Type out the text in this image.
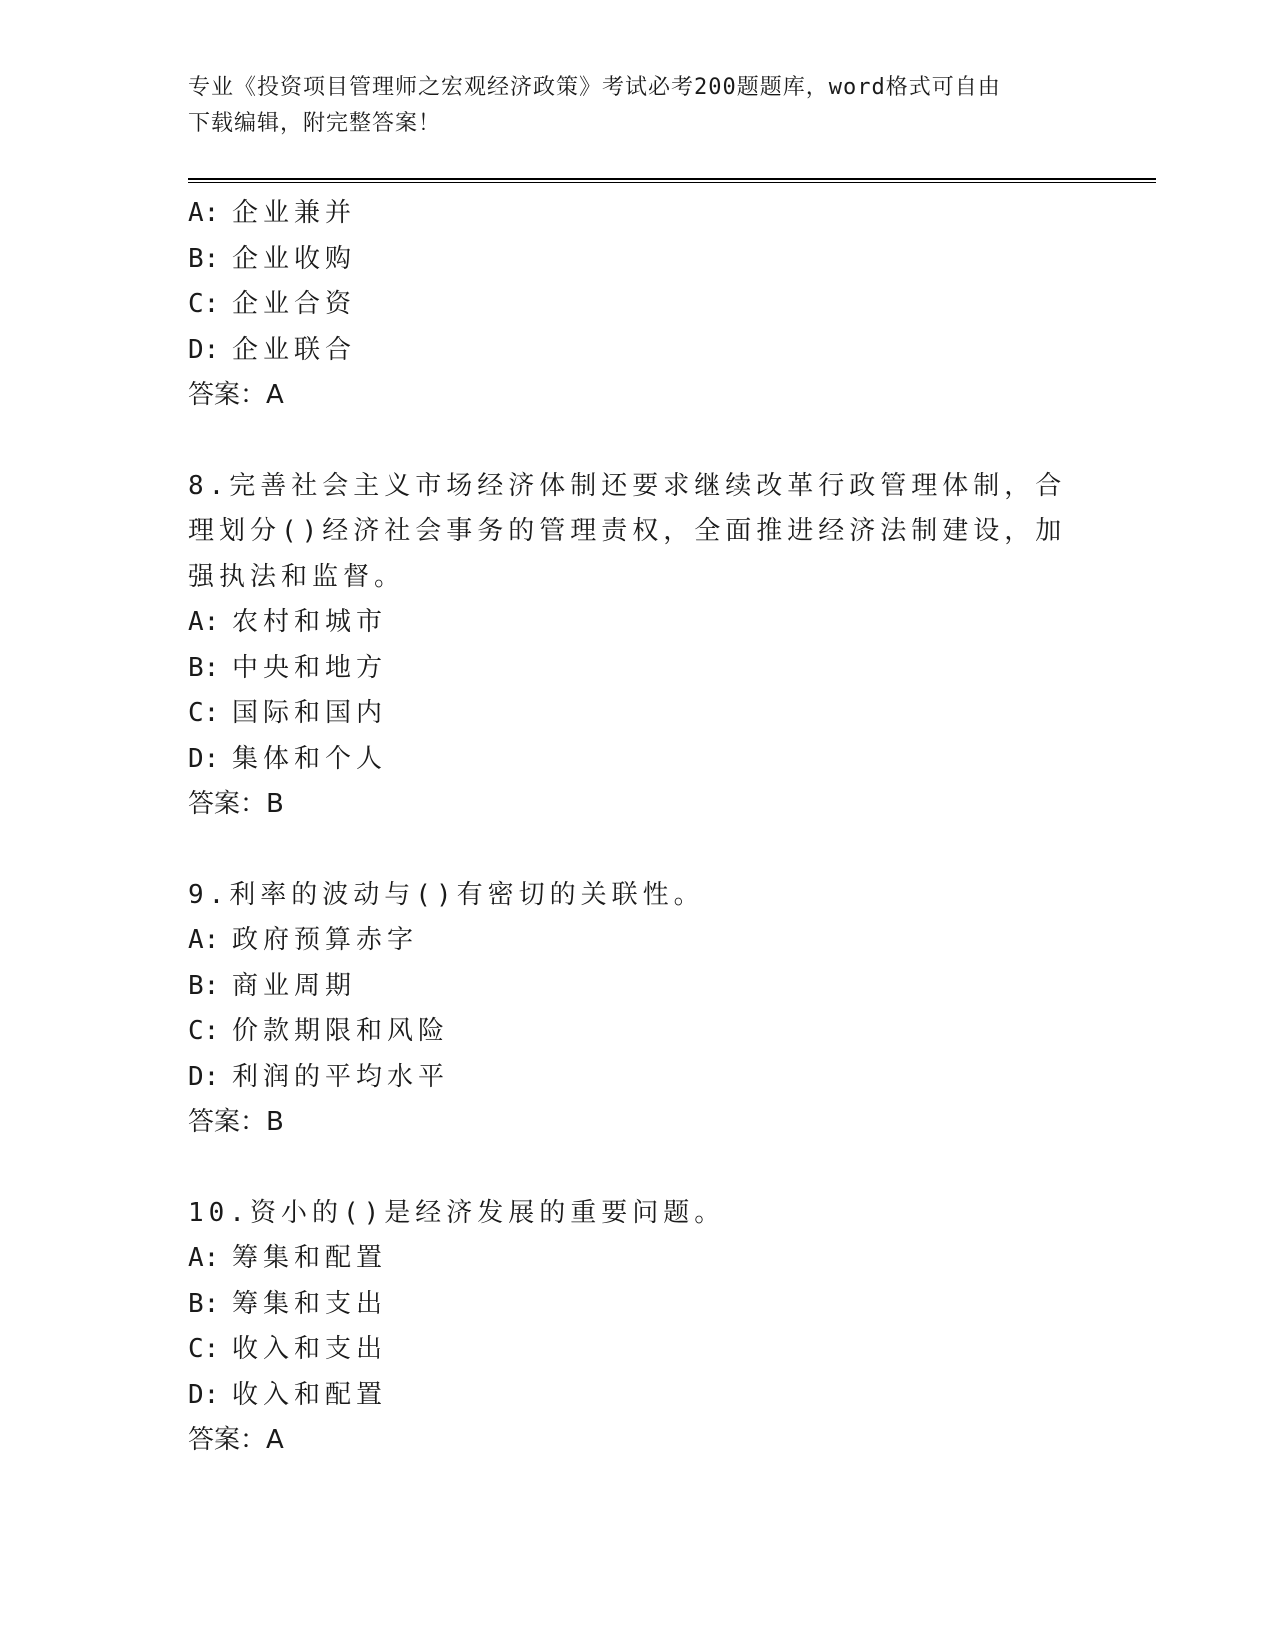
专业《投资项目管理师之宏观经济政策》考试必考200题题库，word格式可自由
下载编辑，附完整答案！
A: 企业兼并
B: 企业收购
C: 企业合资
D: 企业联合
答案：A
8.完善社会主义市场经济体制还要求继续改革行政管理体制，合理划分()经济社会事务的管理责权，全面推进经济法制建设，加强执法和监督。
A: 农村和城市
B: 中央和地方
C: 国际和国内
D: 集体和个人
答案：B
9.利率的波动与()有密切的关联性。
A: 政府预算赤字
B: 商业周期
C: 价款期限和风险
D: 利润的平均水平
答案：B
10.资小的()是经济发展的重要问题。
A: 筹集和配置
B: 筹集和支出
C: 收入和支出
D: 收入和配置
答案：A
